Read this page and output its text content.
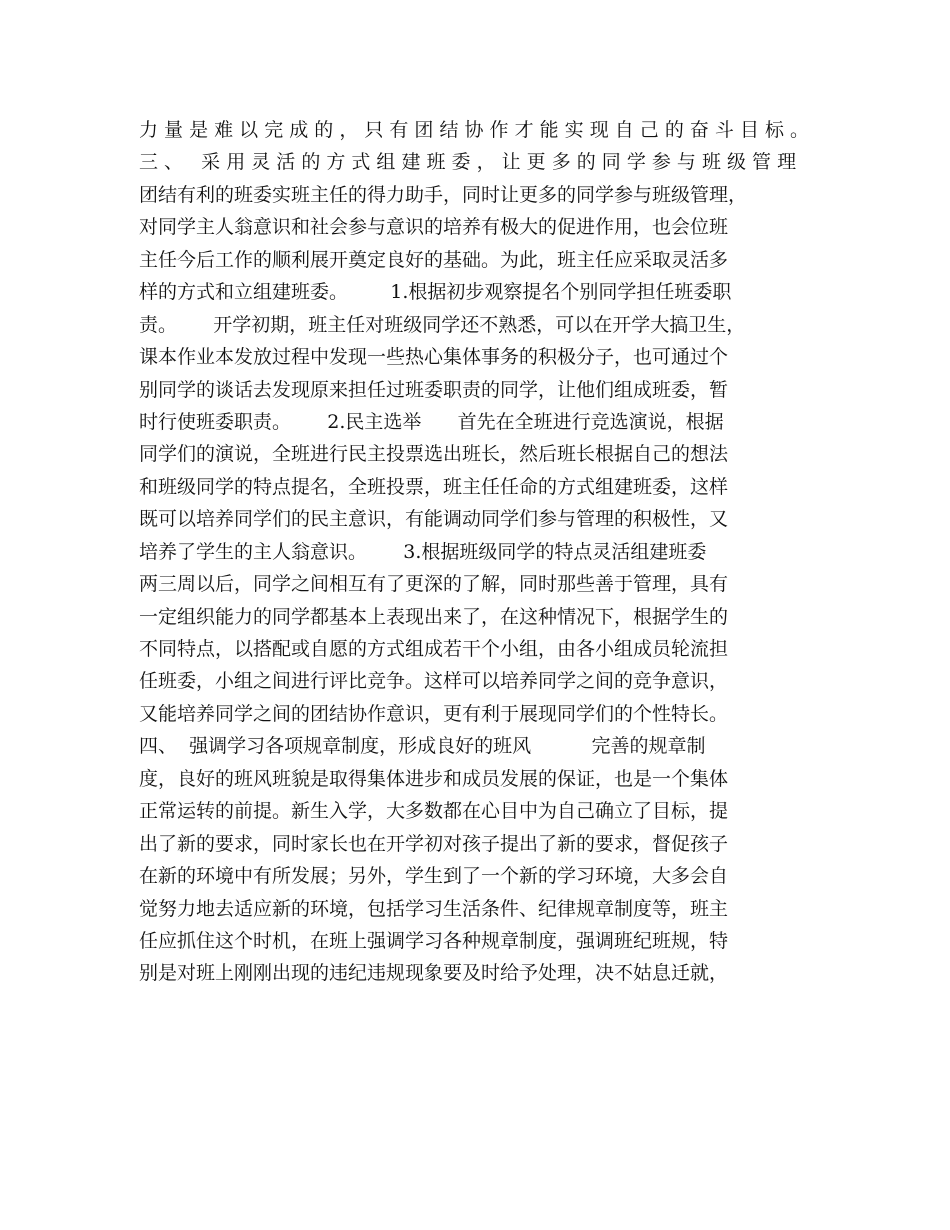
力 量 是 难 以 完 成 的 ， 只 有 团 结 协 作 才 能 实 现 自 己 的 奋 斗 目 标 。
三 、   采 用 灵 活 的 方 式 组 建 班 委 ， 让 更 多 的 同 学 参 与 班 级 管 理
团结有利的班委实班主任的得力助手，同时让更多的同学参与班级管理，
对同学主人翁意识和社会参与意识的培养有极大的促进作用，也会位班
主任今后工作的顺利展开奠定良好的基础。为此，班主任应采取灵活多
样的方式和立组建班委。       1.根据初步观察提名个别同学担任班委职
责。      开学初期，班主任对班级同学还不熟悉，可以在开学大搞卫生，
课本作业本发放过程中发现一些热心集体事务的积极分子，也可通过个
别同学的谈话去发现原来担任过班委职责的同学，让他们组成班委，暂
时行使班委职责。      2.民主选举      首先在全班进行竞选演说，根据
同学们的演说，全班进行民主投票选出班长，然后班长根据自己的想法
和班级同学的特点提名，全班投票，班主任任命的方式组建班委，这样
既可以培养同学们的民主意识，有能调动同学们参与管理的积极性，又
培养了学生的主人翁意识。      3.根据班级同学的特点灵活组建班委
两三周以后，同学之间相互有了更深的了解，同时那些善于管理，具有
一定组织能力的同学都基本上表现出来了，在这种情况下，根据学生的
不同特点，以搭配或自愿的方式组成若干个小组，由各小组成员轮流担
任班委，小组之间进行评比竞争。这样可以培养同学之间的竞争意识，
又能培养同学之间的团结协作意识，更有利于展现同学们的个性特长。
四、  强调学习各项规章制度，形成良好的班风          完善的规章制
度，良好的班风班貌是取得集体进步和成员发展的保证，也是一个集体
正常运转的前提。新生入学，大多数都在心目中为自己确立了目标，提
出了新的要求，同时家长也在开学初对孩子提出了新的要求，督促孩子
在新的环境中有所发展；另外，学生到了一个新的学习环境，大多会自
觉努力地去适应新的环境，包括学习生活条件、纪律规章制度等，班主
任应抓住这个时机，在班上强调学习各种规章制度，强调班纪班规，特
别是对班上刚刚出现的违纪违规现象要及时给予处理，决不姑息迁就，
